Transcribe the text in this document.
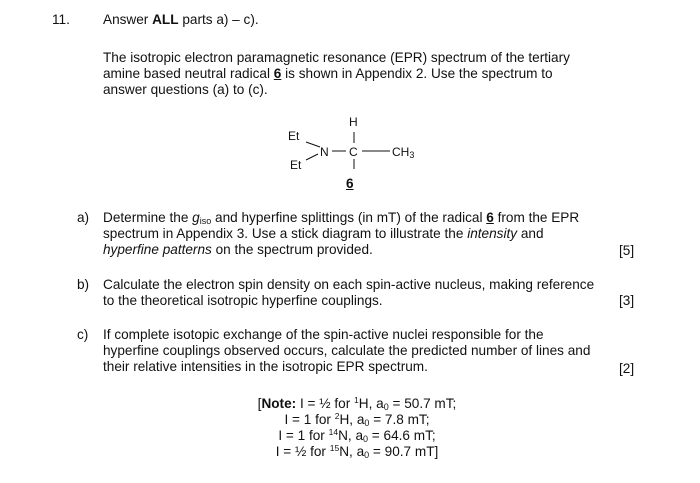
11. Answer ALL parts a) – c).
The isotropic electron paramagnetic resonance (EPR) spectrum of the tertiary amine based neutral radical 6 is shown in Appendix 2. Use the spectrum to answer questions (a) to (c).
H
Et
N C	$CH_3$
Et
6
a) Determine the $g_{iso}$ and hyperfine splittings (in mT) of the radical 6 from the EPR spectrum in Appendix 3. Use a stick diagram to illustrate the intensity and hyperfine patterns on the spectrum provided.	[5]
b) Calculate the electron spin density on each spin-active nucleus, making reference to the theoretical isotropic hyperfine couplings.	[3]
c) If complete isotopic exchange of the spin-active nuclei responsible for the hyperfine couplings observed occurs, calculate the predicted number of lines and their relative intensities in the isotropic EPR spectrum.	[2]
[Note: I = ½ for $^1$H, $a_0 = 50.7$ mT;
I = 1 for $^2$H, $a_0 = 7.8$ mT;
I = 1 for $^{14}$N, $a_0 = 64.6$ mT;
I = ½ for $^{15}$N, $a_0 = 90.7$ mT]
